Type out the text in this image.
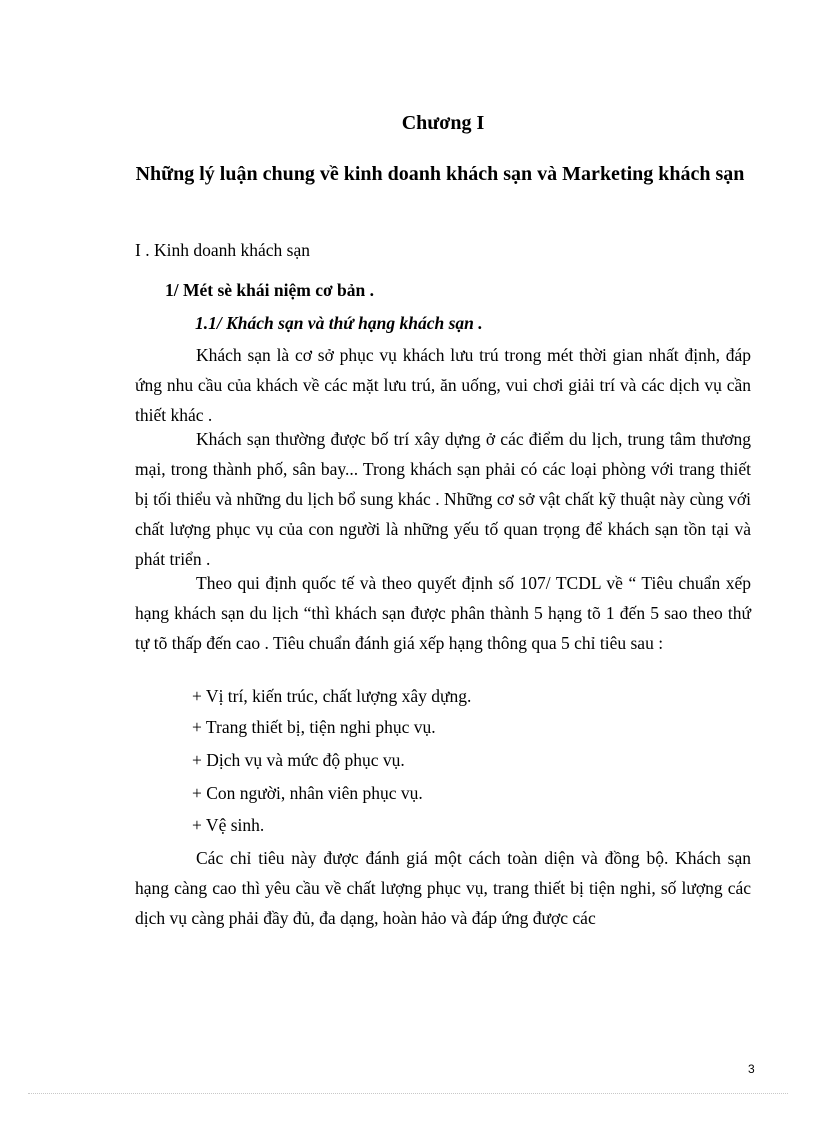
Chương I
Những lý luận chung về kinh doanh khách sạn và Marketing khách sạn
I . Kinh doanh khách sạn
1/ Mét sè khái niệm cơ bản .
1.1/ Khách sạn và thứ hạng khách sạn .

Khách sạn là cơ sở phục vụ khách lưu trú trong mét thời gian nhất định, đáp ứng nhu cầu của khách về các mặt lưu trú, ăn uống, vui chơi giải trí và các dịch vụ cần thiết khác .

Khách sạn thường được bố trí xây dựng ở các điểm du lịch, trung tâm thương mại, trong thành phố, sân bay... Trong khách sạn phải có các loại phòng với trang thiết bị tối thiểu và những du lịch bổ sung khác . Những cơ sở vật chất kỹ thuật này cùng với chất lượng phục vụ của con người là những yếu tố quan trọng để khách sạn tồn tại và phát triển .

Theo qui định quốc tế và theo quyết định số 107/ TCDL về “ Tiêu chuẩn xếp hạng khách sạn du lịch “thì khách sạn được phân thành 5 hạng tõ 1 đến 5 sao theo thứ tự tõ thấp đến cao . Tiêu chuẩn đánh giá xếp hạng thông qua 5 chỉ tiêu sau :

+ Vị trí, kiến trúc, chất lượng xây dựng.
+ Trang thiết bị, tiện nghi phục vụ.
+ Dịch vụ và mức độ phục vụ.
+ Con người, nhân viên phục vụ.
+ Vệ sinh.

Các chỉ tiêu này được đánh giá một cách toàn diện và đồng bộ. Khách sạn hạng càng cao thì yêu cầu về chất lượng phục vụ, trang thiết bị tiện nghi, số lượng các dịch vụ càng phải đầy đủ, đa dạng, hoàn hảo và đáp ứng được các

3
